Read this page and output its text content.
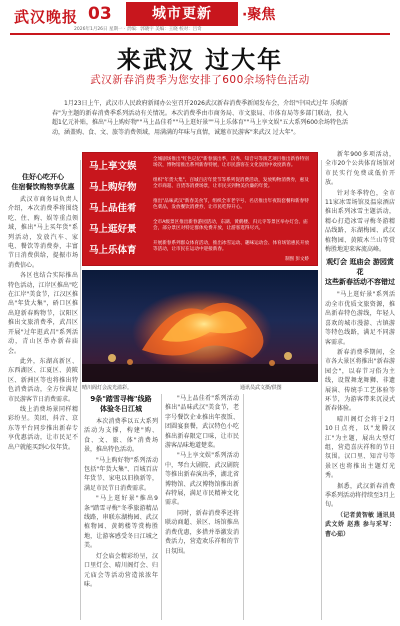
武汉晚报 03	城市更新	·聚焦
2026年1月26日 星期一 · 责编：郭晓宇 美编：王晓 校对：吕奇
来武汉 过大年
武汉新春消费季为您安排了600余场特色活动
1月23日上午，武汉市人民政府新闻办公室召开2026武汉新春消费季新闻发布会，介绍"中国式过年 乐购新春"为主题的新春消费季系列活动有关情况。本次消费季由市商务局、市文旅局、市体育局等多部门联动，投入超1亿元补贴，推出"马上购好物""马上品佳肴""马上逛好景""马上乐体育""马上享文娱"五大系列600余场特色活动，涵盖购、食、文、旅等消费领域，用满满的年味与真情，诚邀市民游客"来武汉 过大年"。
住好心吃开心
住宿餐饮购物享优惠

武汉市商务局负责人介绍，本次消费季将围绕吃、住、购、娱等重点领域，推出"马上买年货"系列活动，发放汽车、家电、餐饮等消费券，丰富节日消费供给，提振市场消费信心。

各区也结合实际推出特色活动，江岸区推出"吃在江岸"美食节，江汉区推出"年货大集"，硚口区推出迎新春购物节，汉阳区推出文旅消费季，武昌区开展"过年逛武昌"系列活动，青山区举办新春庙会。

此外，东湖高新区、东西湖区、江夏区、黄陂区、新洲区等也将推出特色消费活动，全方位满足市民游客节日消费需求。

线上消费场景同样精彩纷呈。美团、抖音、京东等平台同步推出新春专享优惠活动，让市民足不出户就能买到心仪年货。

马上享文娱
全城剧场推出"红色记忆"新春演出季，汉秀、知音号等演艺项目推出新春特别场次，博物馆推出系列新春特展，让市民游客在文化氛围中欢度新春。
马上购好物
组织"年货大集"、百城百店年货节等系列促消费活动，发放购物消费券，惠及全市商超、百货等消费场景，让市民买到物美价廉的年货。
马上品佳肴
推出"品味武汉"新春美食节，组织全市老字号、名店推出年夜饭套餐和新春特色菜品，发放餐饮消费券，让市民吃得开心。
马上逛好景
全市A级景区推出新春游园活动，东湖、黄鹤楼、归元寺等景区举办灯会、庙会，部分景区对特定群体免费开放，让游客逛得尽兴。
马上乐体育
开展新春系列群众体育活动，推出冰雪运动、趣味运动会、体育场馆惠民开放等活动，让市民在运动中迎接新春。
制图 彭文娇
晴川阁灯会流光溢彩。	通讯员武文摄/供图
9条"踏雪寻梅"线路
体验冬日江城

本次消费季以五大系列活动为支撑，构建"购、食、文、旅、体"消费场景，推出特色活动。

"马上购好物"系列活动包括"年货大集"、百城百店年货节、家电以旧换新等，满足市民节日消费需求。

"马上逛好景"推出9条"踏雪寻梅"冬季旅游精品线路，串联东湖梅园、武汉植物园、黄鹤楼等赏梅胜地，让游客感受冬日江城之美。

灯会庙会精彩纷呈，汉口里灯会、晴川阁灯会、归元庙会等活动营造浓浓年味。

"马上品佳肴"系列活动推出"品味武汉"美食节，老字号餐饮企业推出年夜饭、团圆宴套餐，武汉特色小吃推出新春限定口味，让市民游客品味地道楚菜。

"马上享文娱"系列活动中，琴台大剧院、武汉剧院等推出新春演出季，湖北省博物馆、武汉博物馆推出新春特展，满足市民精神文化需求。

同时，新春消费季还将联动商超、景区、场馆推出消费优惠，多措并举激发消费活力，营造欢乐祥和的节日氛围。

新年900多项活动，全市20个公共体育场馆对市民实行免费或低价开放。

针对冬季特色，全市11家冰雪场馆及温泉酒店推出系列冰雪主题活动，精心打造冰雪寻梅冬游精品线路，东湖梅园、武汉植物园、黄陂木兰山等赏梅胜地迎来客流高峰。

观灯会 逛庙会 游园赏花
这些新春活动不容错过

"马上逛好景"系列活动全市优质文旅资源，推出新春特色游线，年轻人喜欢的城市漫游、古镇游等特色线路，满足不同游客需求。

新春消费季期间，全市各大景区将推出"新春游园会"，以春节习俗为主线，设置舞龙舞狮、非遗展演、传统手工艺体验等环节，为游客带来沉浸式新春体验。

晴川阁灯会将于2月10日点亮，以"龙腾汉江"为主题，展出大型灯组，营造喜庆祥和的节日氛围。汉口里、知音号等景区也将推出主题灯光秀。

据悉，武汉新春消费季系列活动将持续至3月上旬。

（记者黄智敏 通讯员武文娇 赵燕 参与采写：曹心茹）
